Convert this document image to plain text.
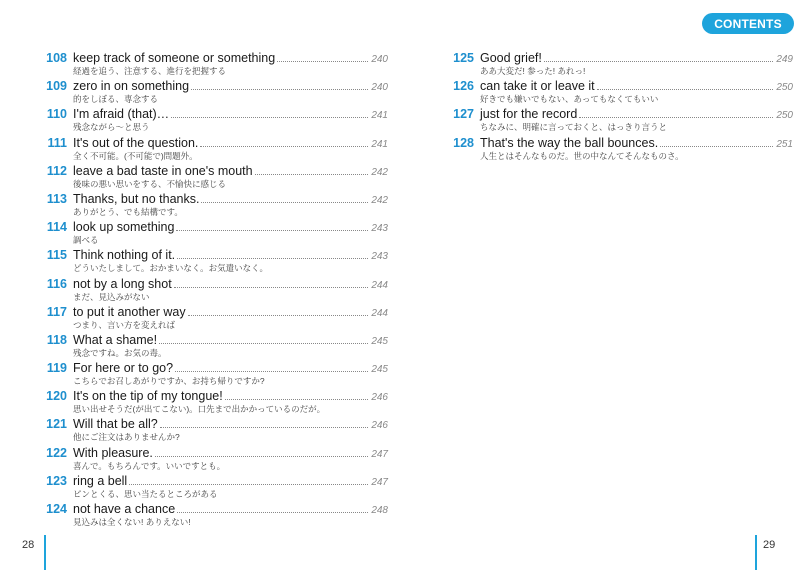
108 keep track of someone or something	240
経過を追う、注意する、進行を把握する
109 zero in on something	240
的をしぼる、専念する
110 I'm afraid (that)…	241
残念ながら〜と思う
111 It's out of the question.	241
全く不可能。(不可能で)問題外。
112 leave a bad taste in one's mouth	242
後味の悪い思いをする、不愉快に感じる
113 Thanks, but no thanks.	242
ありがとう、でも結構です。
114 look up something	243
調べる
115 Think nothing of it.	243
どういたしまして。おかまいなく。お気遣いなく。
116 not by a long shot	244
まだ、見込みがない
117 to put it another way	244
つまり、言い方を変えれば
118 What a shame!	245
残念ですね。お気の毒。
119 For here or to go?	245
こちらでお召しあがりですか、お持ち帰りですか?
120 It's on the tip of my tongue!	246
思い出せそうだ(が出てこない)。口先まで出かかっているのだが。
121 Will that be all?	246
他にご注文はありませんか?
122 With pleasure.	247
喜んで。もちろんです。いいですとも。
123 ring a bell	247
ピンとくる、思い当たるところがある
124 not have a chance	248
見込みは全くない! ありえない!
28
CONTENTS
125 Good grief!	249
ああ大変だ! 参った! あれっ!
126 can take it or leave it	250
好きでも嫌いでもない、あってもなくてもいい
127 just for the record	250
ちなみに、明確に言っておくと、はっきり言うと
128 That's the way the ball bounces.	251
人生とはそんなものだ。世の中なんてそんなものさ。
29
